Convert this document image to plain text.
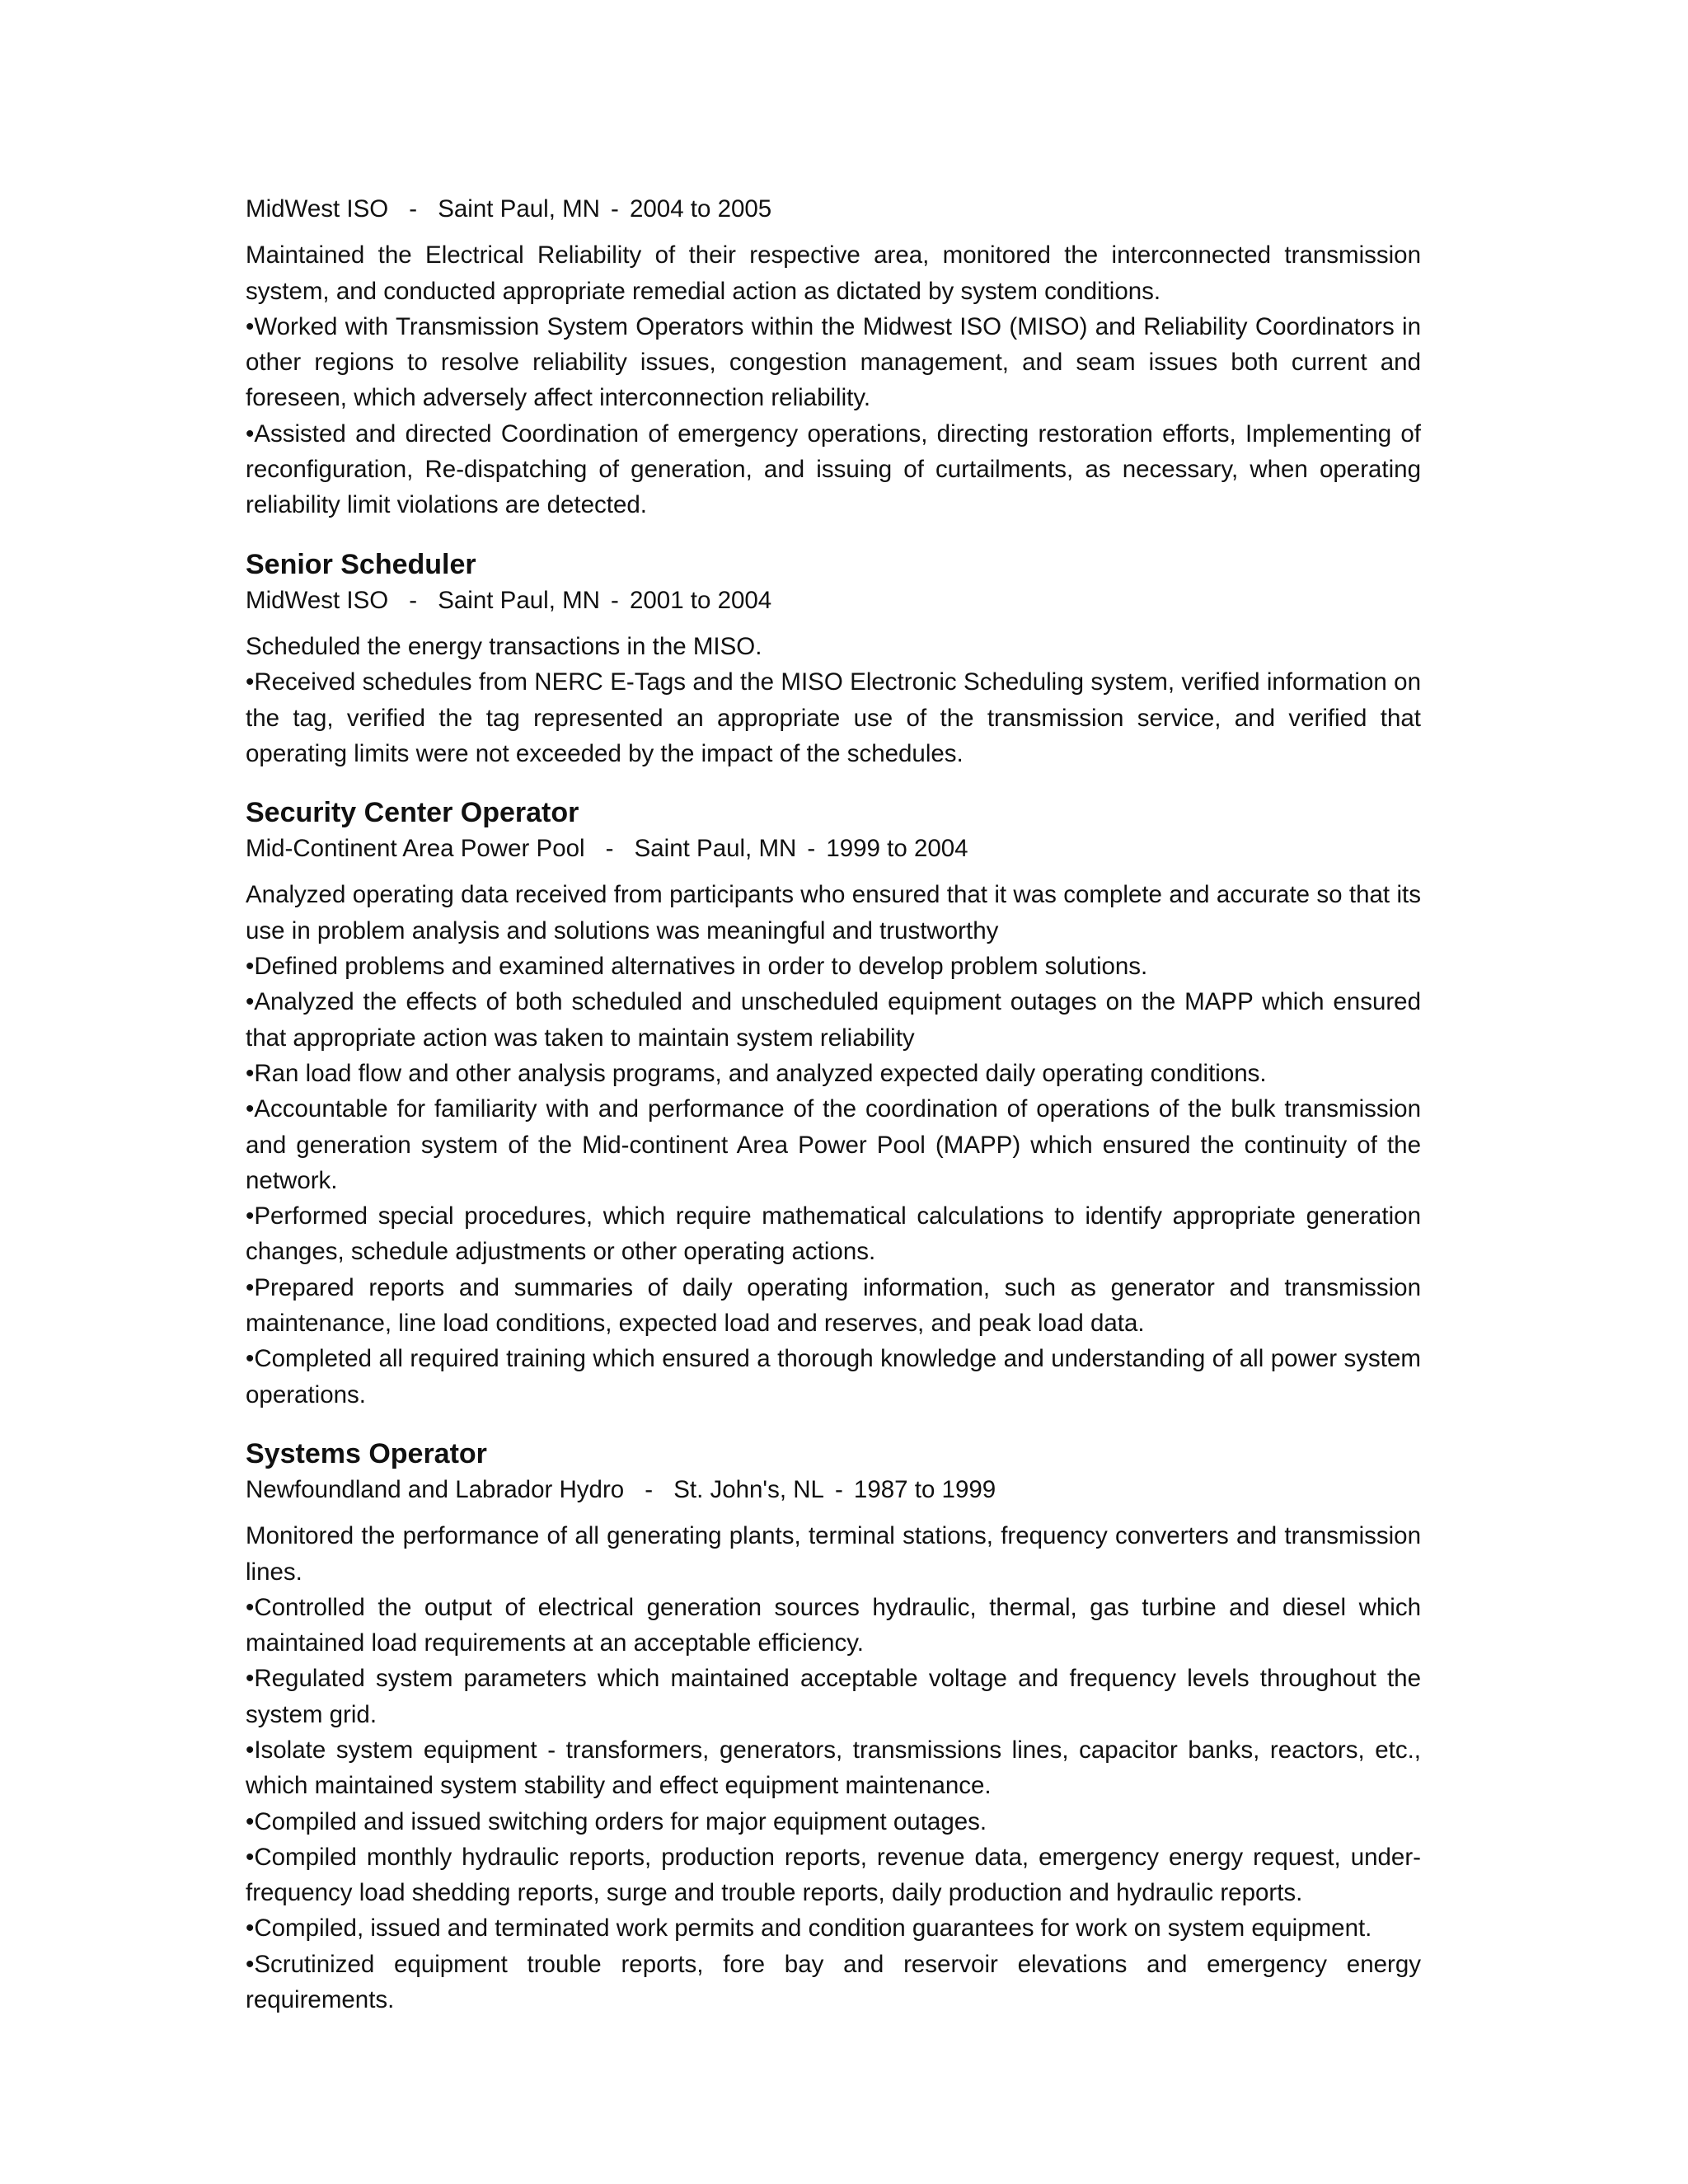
MidWest ISO - Saint Paul, MN - 2004 to 2005

Maintained the Electrical Reliability of their respective area, monitored the interconnected transmission system, and conducted appropriate remedial action as dictated by system conditions.

•Worked with Transmission System Operators within the Midwest ISO (MISO) and Reliability Coordinators in other regions to resolve reliability issues, congestion management, and seam issues both current and foreseen, which adversely affect interconnection reliability.

•Assisted and directed Coordination of emergency operations, directing restoration efforts, Implementing of reconfiguration, Re-dispatching of generation, and issuing of curtailments, as necessary, when operating reliability limit violations are detected.

Senior Scheduler

MidWest ISO - Saint Paul, MN - 2001 to 2004

Scheduled the energy transactions in the MISO.

•Received schedules from NERC E-Tags and the MISO Electronic Scheduling system, verified information on the tag, verified the tag represented an appropriate use of the transmission service, and verified that operating limits were not exceeded by the impact of the schedules.

Security Center Operator

Mid-Continent Area Power Pool - Saint Paul, MN - 1999 to 2004

Analyzed operating data received from participants who ensured that it was complete and accurate so that its use in problem analysis and solutions was meaningful and trustworthy

•Defined problems and examined alternatives in order to develop problem solutions.

•Analyzed the effects of both scheduled and unscheduled equipment outages on the MAPP which ensured that appropriate action was taken to maintain system reliability

•Ran load flow and other analysis programs, and analyzed expected daily operating conditions.

•Accountable for familiarity with and performance of the coordination of operations of the bulk transmission and generation system of the Mid-continent Area Power Pool (MAPP) which ensured the continuity of the network.

•Performed special procedures, which require mathematical calculations to identify appropriate generation changes, schedule adjustments or other operating actions.

•Prepared reports and summaries of daily operating information, such as generator and transmission maintenance, line load conditions, expected load and reserves, and peak load data.

•Completed all required training which ensured a thorough knowledge and understanding of all power system operations.

Systems Operator

Newfoundland and Labrador Hydro - St. John's, NL - 1987 to 1999

Monitored the performance of all generating plants, terminal stations, frequency converters and transmission lines.

•Controlled the output of electrical generation sources hydraulic, thermal, gas turbine and diesel which maintained load requirements at an acceptable efficiency.

•Regulated system parameters which maintained acceptable voltage and frequency levels throughout the system grid.

•Isolate system equipment - transformers, generators, transmissions lines, capacitor banks, reactors, etc., which maintained system stability and effect equipment maintenance.

•Compiled and issued switching orders for major equipment outages.

•Compiled monthly hydraulic reports, production reports, revenue data, emergency energy request, under-frequency load shedding reports, surge and trouble reports, daily production and hydraulic reports.

•Compiled, issued and terminated work permits and condition guarantees for work on system equipment.

•Scrutinized equipment trouble reports, fore bay and reservoir elevations and emergency energy requirements.
